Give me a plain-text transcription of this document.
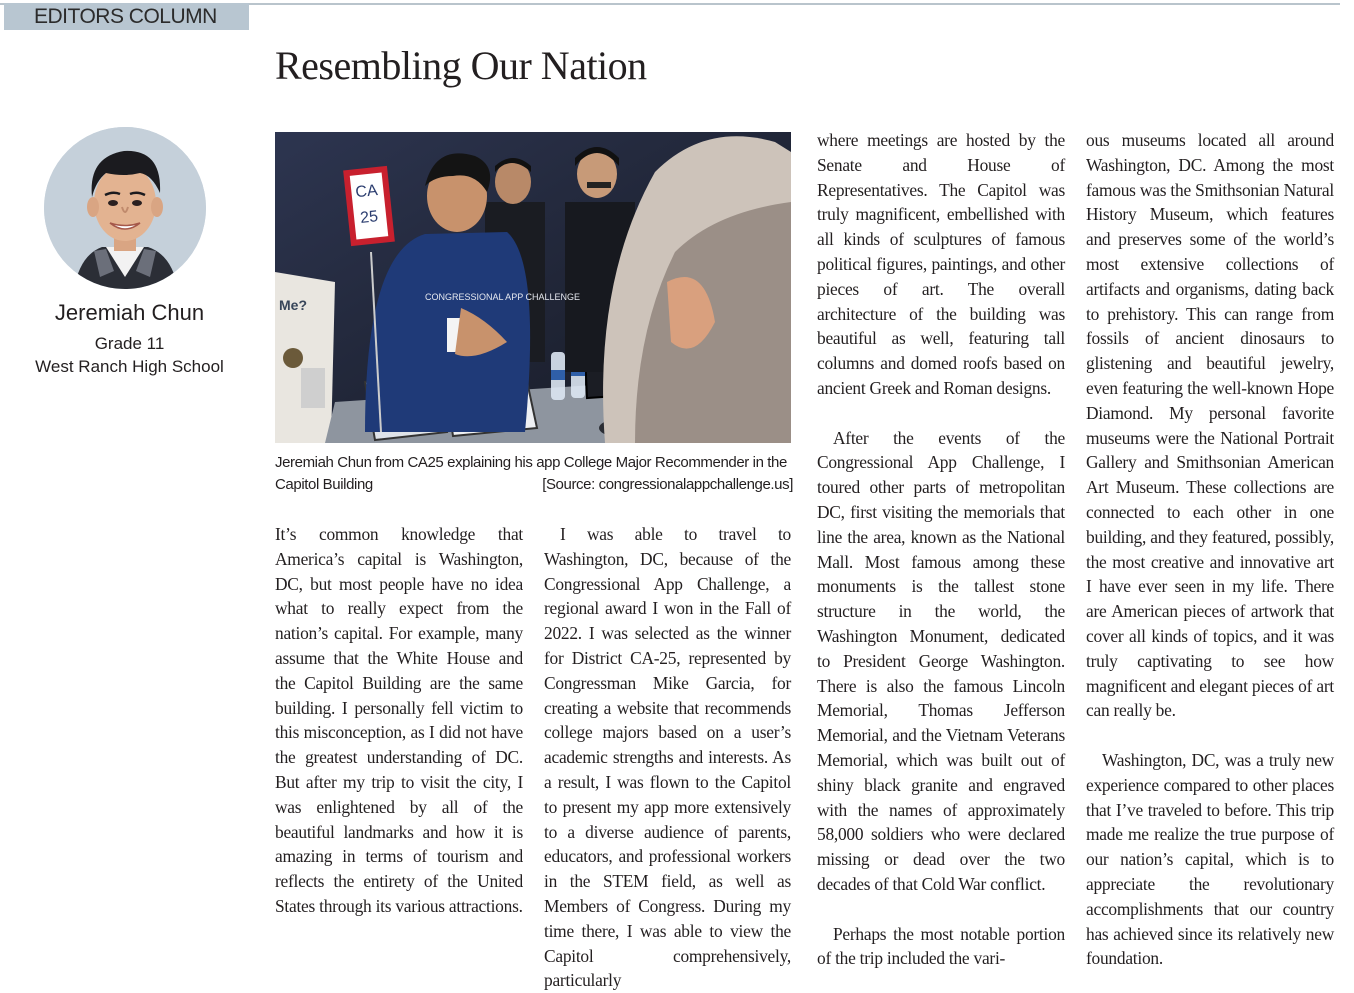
EDITORS COLUMN
Resembling Our Nation
Jeremiah Chun
Grade 11
West Ranch High School
Me?	CONGRESSIONAL APP CHALLENGE
CA
25
Jeremiah Chun from CA25 explaining his app College Major Recommender in the Capitol Building	[Source: congressionalappchallenge.us]

It’s common knowledge that America’s capital is Washington, DC, but most people have no idea what to really expect from the nation’s capital. For example, many assume that the White House and the Capitol Building are the same building. I personally fell victim to this misconception, as I did not have the greatest understanding of DC. But after my trip to visit the city, I was enlightened by all of the beautiful landmarks and how it is amazing in terms of tourism and reflects the entirety of the United States through its various attractions.

I was able to travel to Washington, DC, because of the Congressional App Challenge, a regional award I won in the Fall of 2022. I was selected as the winner for District CA-25, represented by Congressman Mike Garcia, for creating a website that recommends college majors based on a user’s academic strengths and interests. As a result, I was flown to the Capitol to present my app more extensively to a diverse audience of parents, educators, and professional workers in the STEM field, as well as Members of Congress. During my time there, I was able to view the Capitol comprehensively, particularly

where meetings are hosted by the Senate and House of Representatives. The Capitol was truly magnificent, embellished with all kinds of sculptures of famous political figures, paintings, and other pieces of art. The overall architecture of the building was beautiful as well, featuring tall columns and domed roofs based on ancient Greek and Roman designs.

After the events of the Congressional App Challenge, I toured other parts of metropolitan DC, first visiting the memorials that line the area, known as the National Mall. Most famous among these monuments is the tallest stone structure in the world, the Washington Monument, dedicated to President George Washington. There is also the famous Lincoln Memorial, Thomas Jefferson Memorial, and the Vietnam Veterans Memorial, which was built out of shiny black granite and engraved with the names of approximately 58,000 soldiers who were declared missing or dead over the two decades of that Cold War conflict.

Perhaps the most notable portion of the trip included the vari-

ous museums located all around Washington, DC. Among the most famous was the Smithsonian Natural History Museum, which features and preserves some of the world’s most extensive collections of artifacts and organisms, dating back to prehistory. This can range from fossils of ancient dinosaurs to glistening and beautiful jewelry, even featuring the well-known Hope Diamond. My personal favorite museums were the National Portrait Gallery and Smithsonian American Art Museum. These collections are connected to each other in one building, and they featured, possibly, the most creative and innovative art I have ever seen in my life. There are American pieces of artwork that cover all kinds of topics, and it was truly captivating to see how magnificent and elegant pieces of art can really be.

Washington, DC, was a truly new experience compared to other places that I’ve traveled to before. This trip made me realize the true purpose of our nation’s capital, which is to appreciate the revolutionary accomplishments that our country has achieved since its relatively new foundation.
